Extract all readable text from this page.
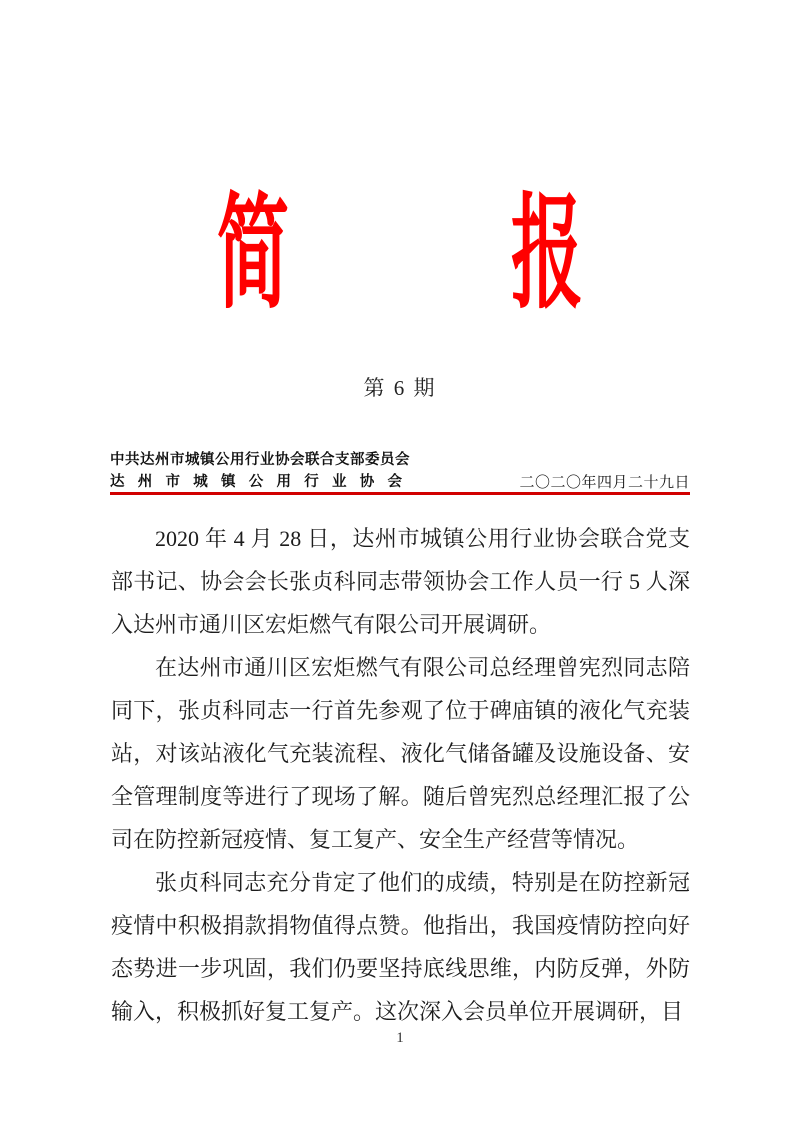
简 报
第 6 期
中共达州市城镇公用行业协会联合支部委员会
达州市城镇公用行业协会	二〇二〇年四月二十九日

2020 年 4 月 28 日，达州市城镇公用行业协会联合党支部书记、协会会长张贞科同志带领协会工作人员一行 5 人深入达州市通川区宏炬燃气有限公司开展调研。

在达州市通川区宏炬燃气有限公司总经理曾宪烈同志陪同下，张贞科同志一行首先参观了位于碑庙镇的液化气充装站，对该站液化气充装流程、液化气储备罐及设施设备、安全管理制度等进行了现场了解。随后曾宪烈总经理汇报了公司在防控新冠疫情、复工复产、安全生产经营等情况。

张贞科同志充分肯定了他们的成绩，特别是在防控新冠疫情中积极捐款捐物值得点赞。他指出，我国疫情防控向好态势进一步巩固，我们仍要坚持底线思维，内防反弹，外防输入，积极抓好复工复产。这次深入会员单位开展调研，目

1
